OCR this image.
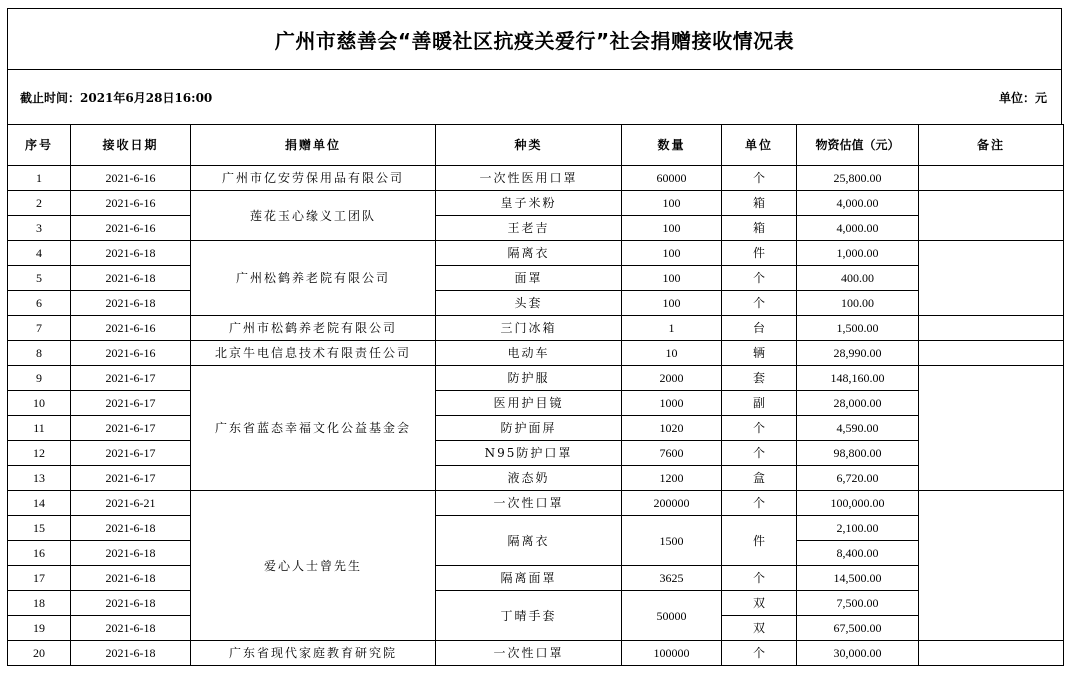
广州市慈善会“善暖社区抗疫关爱行”社会捐赠接收情况表
截止时间：2021年6月28日16:00	单位：元
序号	接收日期	捐赠单位	种类	数量	单位	物资估值（元）	备注
1	2021-6-16	广州市亿安劳保用品有限公司	一次性医用口罩	60000	个	25,800.00	
2	2021-6-16	莲花玉心缘义工团队	皇子米粉	100	箱	4,000.00	
3	2021-6-16		王老吉	100	箱	4,000.00	
4	2021-6-18	广州松鹤养老院有限公司	隔离衣	100	件	1,000.00	
5	2021-6-18		面罩	100	个	400.00	
6	2021-6-18		头套	100	个	100.00	
7	2021-6-16	广州市松鹤养老院有限公司	三门冰箱	1	台	1,500.00	
8	2021-6-16	北京牛电信息技术有限责任公司	电动车	10	辆	28,990.00	
9	2021-6-17	广东省蓝态幸福文化公益基金会	防护服	2000	套	148,160.00	
10	2021-6-17		医用护目镜	1000	副	28,000.00	
11	2021-6-17		防护面屏	1020	个	4,590.00	
12	2021-6-17		N95防护口罩	7600	个	98,800.00	
13	2021-6-17		液态奶	1200	盒	6,720.00	
14	2021-6-21	爱心人士曾先生	一次性口罩	200000	个	100,000.00	
15	2021-6-18		隔离衣	1500	件	2,100.00	
16	2021-6-18					8,400.00	
17	2021-6-18		隔离面罩	3625	个	14,500.00	
18	2021-6-18		丁晴手套	50000	双	7,500.00	
19	2021-6-18				双	67,500.00	
20	2021-6-18	广东省现代家庭教育研究院	一次性口罩	100000	个	30,000.00	
